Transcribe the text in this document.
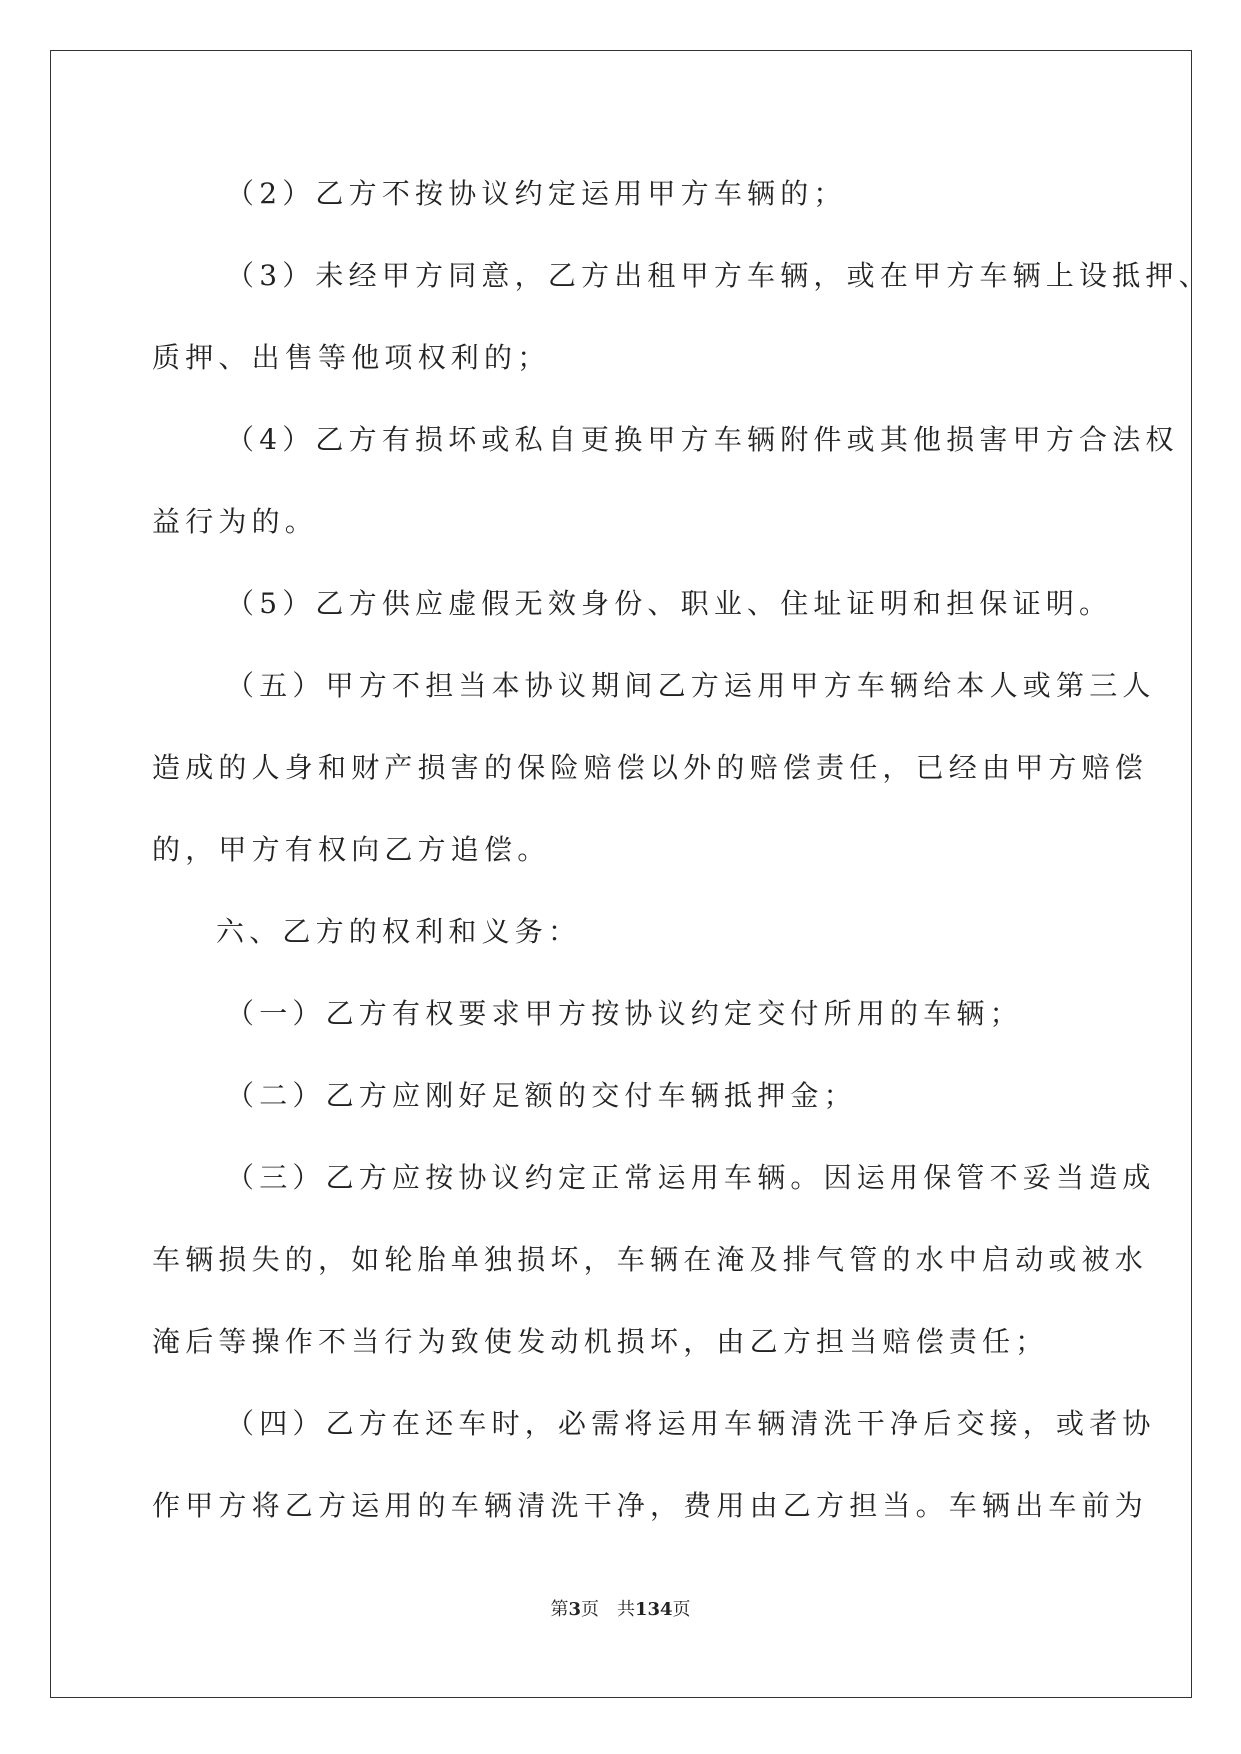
（2）乙方不按协议约定运用甲方车辆的；
（3）未经甲方同意，乙方出租甲方车辆，或在甲方车辆上设抵押、
质押、出售等他项权利的；
（4）乙方有损坏或私自更换甲方车辆附件或其他损害甲方合法权
益行为的。
（5）乙方供应虚假无效身份、职业、住址证明和担保证明。
（五）甲方不担当本协议期间乙方运用甲方车辆给本人或第三人
造成的人身和财产损害的保险赔偿以外的赔偿责任，已经由甲方赔偿
的，甲方有权向乙方追偿。
六、乙方的权利和义务：
（一）乙方有权要求甲方按协议约定交付所用的车辆；
（二）乙方应刚好足额的交付车辆抵押金；
（三）乙方应按协议约定正常运用车辆。因运用保管不妥当造成
车辆损失的，如轮胎单独损坏，车辆在淹及排气管的水中启动或被水
淹后等操作不当行为致使发动机损坏，由乙方担当赔偿责任；
（四）乙方在还车时，必需将运用车辆清洗干净后交接，或者协
作甲方将乙方运用的车辆清洗干净，费用由乙方担当。车辆出车前为
第3页　共134页
